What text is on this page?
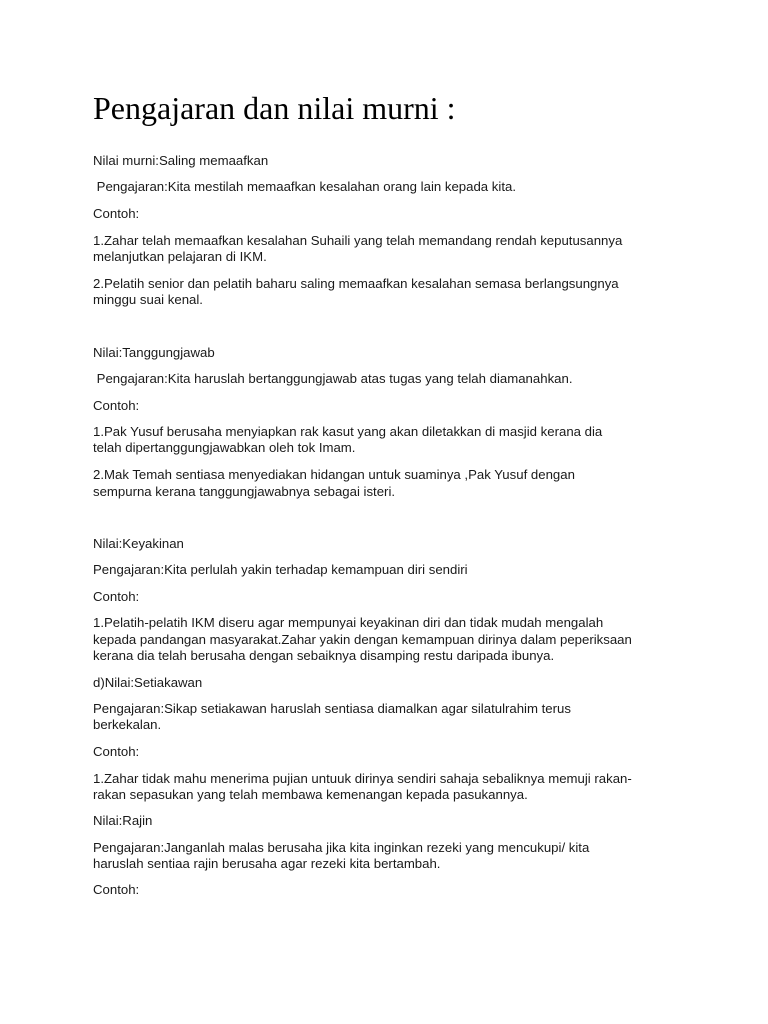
Pengajaran dan nilai murni :

Nilai murni:Saling memaafkan

Pengajaran:Kita mestilah memaafkan kesalahan orang lain kepada kita.

Contoh:

1.Zahar telah memaafkan kesalahan Suhaili yang telah memandang rendah keputusannya

melanjutkan pelajaran di IKM.

2.Pelatih senior dan pelatih baharu saling memaafkan kesalahan semasa berlangsungnya

minggu suai kenal.

Nilai:Tanggungjawab

Pengajaran:Kita haruslah bertanggungjawab atas tugas yang telah diamanahkan.

Contoh:

1.Pak Yusuf berusaha menyiapkan rak kasut yang akan diletakkan di masjid kerana dia

telah dipertanggungjawabkan oleh tok Imam.

2.Mak Temah sentiasa menyediakan hidangan untuk suaminya ,Pak Yusuf dengan

sempurna kerana tanggungjawabnya sebagai isteri.

Nilai:Keyakinan

Pengajaran:Kita perlulah yakin terhadap kemampuan diri sendiri

Contoh:

1.Pelatih-pelatih IKM diseru agar mempunyai keyakinan diri dan tidak mudah mengalah

kepada pandangan masyarakat.Zahar yakin dengan kemampuan dirinya dalam peperiksaan

kerana dia telah berusaha dengan sebaiknya disamping restu daripada ibunya.

d)Nilai:Setiakawan

Pengajaran:Sikap setiakawan haruslah sentiasa diamalkan agar silatulrahim terus

berkekalan.

Contoh:

1.Zahar tidak mahu menerima pujian untuuk dirinya sendiri sahaja sebaliknya memuji rakan-

rakan sepasukan yang telah membawa kemenangan kepada pasukannya.

Nilai:Rajin

Pengajaran:Janganlah malas berusaha jika kita inginkan rezeki yang mencukupi/ kita

haruslah sentiaa rajin berusaha agar rezeki kita bertambah.

Contoh:
